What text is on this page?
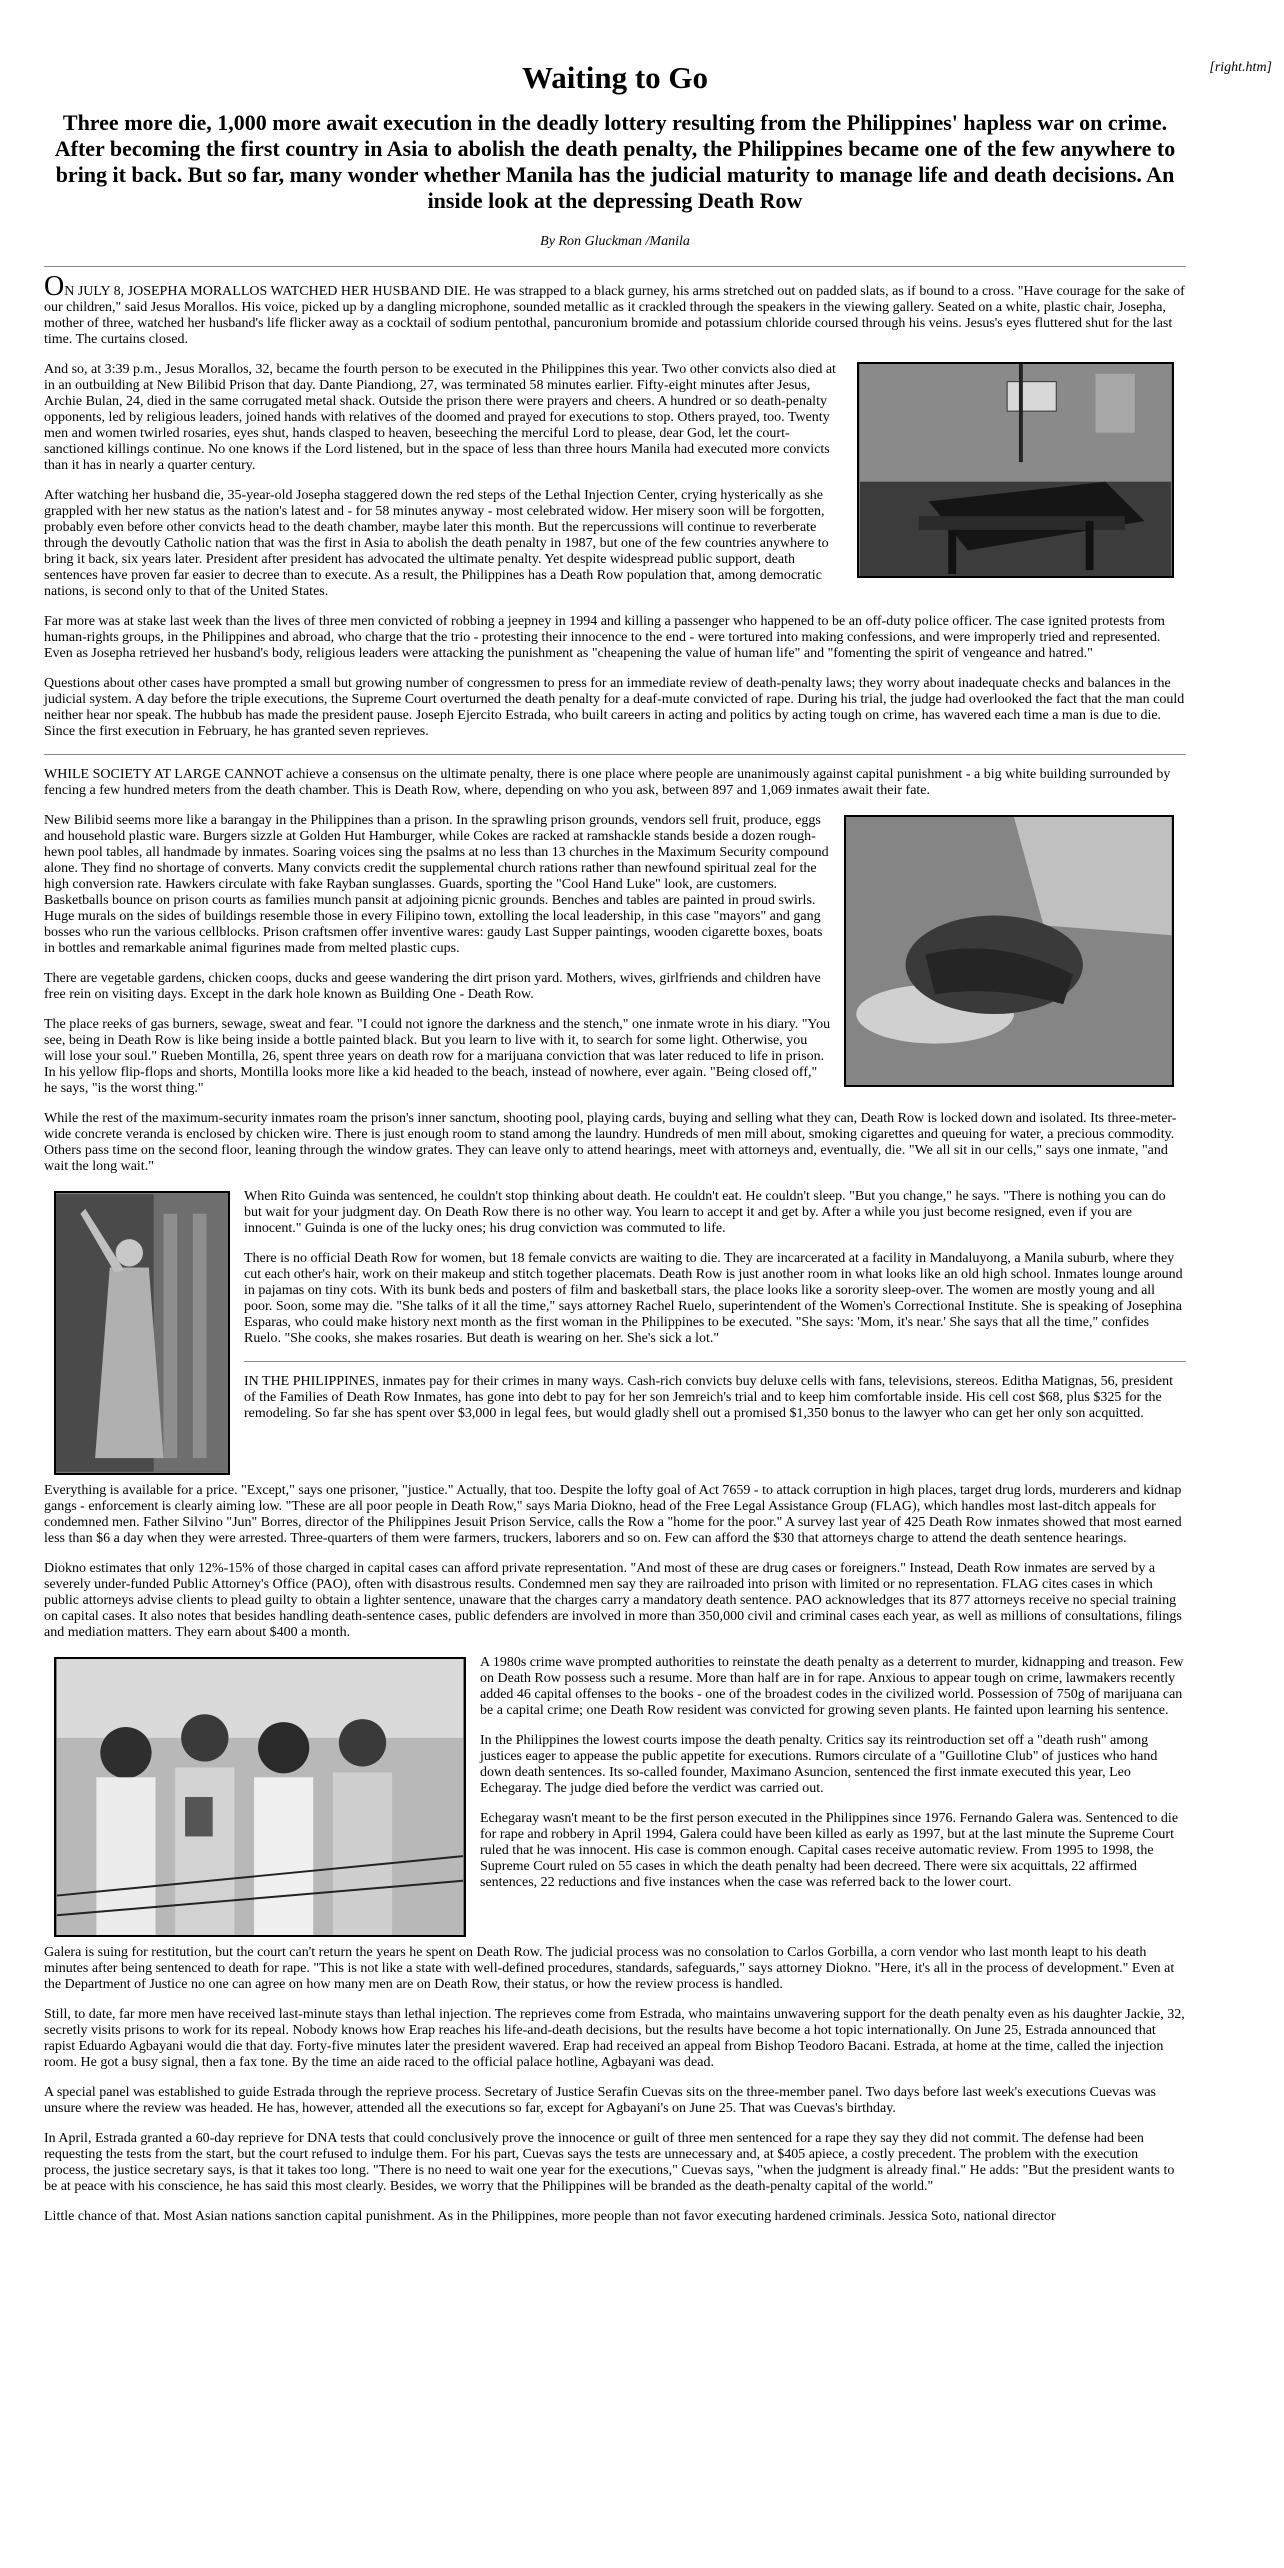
[right.htm]
Waiting to Go
Three more die, 1,000 more await execution in the deadly lottery resulting from the Philippines' hapless war on crime. After becoming the first country in Asia to abolish the death penalty, the Philippines became one of the few anywhere to bring it back. But so far, many wonder whether Manila has the judicial maturity to manage life and death decisions. An inside look at the depressing Death Row
By Ron Gluckman /Manila

ON JULY 8, JOSEPHA MORALLOS WATCHED HER HUSBAND DIE. He was strapped to a black gurney, his arms stretched out on padded slats, as if bound to a cross. "Have courage for the sake of our children," said Jesus Morallos. His voice, picked up by a dangling microphone, sounded metallic as it crackled through the speakers in the viewing gallery. Seated on a white, plastic chair, Josepha, mother of three, watched her husband's life flicker away as a cocktail of sodium pentothal, pancuronium bromide and potassium chloride coursed through his veins. Jesus's eyes fluttered shut for the last time. The curtains closed.

And so, at 3:39 p.m., Jesus Morallos, 32, became the fourth person to be executed in the Philippines this year. Two other convicts also died at in an outbuilding at New Bilibid Prison that day. Dante Piandiong, 27, was terminated 58 minutes earlier. Fifty-eight minutes after Jesus, Archie Bulan, 24, died in the same corrugated metal shack. Outside the prison there were prayers and cheers. A hundred or so death-penalty opponents, led by religious leaders, joined hands with relatives of the doomed and prayed for executions to stop. Others prayed, too. Twenty men and women twirled rosaries, eyes shut, hands clasped to heaven, beseeching the merciful Lord to please, dear God, let the court-sanctioned killings continue. No one knows if the Lord listened, but in the space of less than three hours Manila had executed more convicts than it has in nearly a quarter century.

After watching her husband die, 35-year-old Josepha staggered down the red steps of the Lethal Injection Center, crying hysterically as she grappled with her new status as the nation's latest and - for 58 minutes anyway - most celebrated widow. Her misery soon will be forgotten, probably even before other convicts head to the death chamber, maybe later this month. But the repercussions will continue to reverberate through the devoutly Catholic nation that was the first in Asia to abolish the death penalty in 1987, but one of the few countries anywhere to bring it back, six years later. President after president has advocated the ultimate penalty. Yet despite widespread public support, death sentences have proven far easier to decree than to execute. As a result, the Philippines has a Death Row population that, among democratic nations, is second only to that of the United States.

Far more was at stake last week than the lives of three men convicted of robbing a jeepney in 1994 and killing a passenger who happened to be an off-duty police officer. The case ignited protests from human-rights groups, in the Philippines and abroad, who charge that the trio - protesting their innocence to the end - were tortured into making confessions, and were improperly tried and represented. Even as Josepha retrieved her husband's body, religious leaders were attacking the punishment as "cheapening the value of human life" and "fomenting the spirit of vengeance and hatred."

Questions about other cases have prompted a small but growing number of congressmen to press for an immediate review of death-penalty laws; they worry about inadequate checks and balances in the judicial system. A day before the triple executions, the Supreme Court overturned the death penalty for a deaf-mute convicted of rape. During his trial, the judge had overlooked the fact that the man could neither hear nor speak. The hubbub has made the president pause. Joseph Ejercito Estrada, who built careers in acting and politics by acting tough on crime, has wavered each time a man is due to die. Since the first execution in February, he has granted seven reprieves.

WHILE SOCIETY AT LARGE CANNOT achieve a consensus on the ultimate penalty, there is one place where people are unanimously against capital punishment - a big white building surrounded by fencing a few hundred meters from the death chamber. This is Death Row, where, depending on who you ask, between 897 and 1,069 inmates await their fate.

New Bilibid seems more like a barangay in the Philippines than a prison. In the sprawling prison grounds, vendors sell fruit, produce, eggs and household plastic ware. Burgers sizzle at Golden Hut Hamburger, while Cokes are racked at ramshackle stands beside a dozen rough-hewn pool tables, all handmade by inmates. Soaring voices sing the psalms at no less than 13 churches in the Maximum Security compound alone. They find no shortage of converts. Many convicts credit the supplemental church rations rather than newfound spiritual zeal for the high conversion rate. Hawkers circulate with fake Rayban sunglasses. Guards, sporting the "Cool Hand Luke" look, are customers. Basketballs bounce on prison courts as families munch pansit at adjoining picnic grounds. Benches and tables are painted in proud swirls. Huge murals on the sides of buildings resemble those in every Filipino town, extolling the local leadership, in this case "mayors" and gang bosses who run the various cellblocks. Prison craftsmen offer inventive wares: gaudy Last Supper paintings, wooden cigarette boxes, boats in bottles and remarkable animal figurines made from melted plastic cups.

There are vegetable gardens, chicken coops, ducks and geese wandering the dirt prison yard. Mothers, wives, girlfriends and children have free rein on visiting days. Except in the dark hole known as Building One - Death Row.

The place reeks of gas burners, sewage, sweat and fear. "I could not ignore the darkness and the stench," one inmate wrote in his diary. "You see, being in Death Row is like being inside a bottle painted black. But you learn to live with it, to search for some light. Otherwise, you will lose your soul." Rueben Montilla, 26, spent three years on death row for a marijuana conviction that was later reduced to life in prison. In his yellow flip-flops and shorts, Montilla looks more like a kid headed to the beach, instead of nowhere, ever again. "Being closed off," he says, "is the worst thing."

While the rest of the maximum-security inmates roam the prison's inner sanctum, shooting pool, playing cards, buying and selling what they can, Death Row is locked down and isolated. Its three-meter-wide concrete veranda is enclosed by chicken wire. There is just enough room to stand among the laundry. Hundreds of men mill about, smoking cigarettes and queuing for water, a precious commodity. Others pass time on the second floor, leaning through the window grates. They can leave only to attend hearings, meet with attorneys and, eventually, die. "We all sit in our cells," says one inmate, "and wait the long wait."

When Rito Guinda was sentenced, he couldn't stop thinking about death. He couldn't eat. He couldn't sleep. "But you change," he says. "There is nothing you can do but wait for your judgment day. On Death Row there is no other way. You learn to accept it and get by. After a while you just become resigned, even if you are innocent." Guinda is one of the lucky ones; his drug conviction was commuted to life.

There is no official Death Row for women, but 18 female convicts are waiting to die. They are incarcerated at a facility in Mandaluyong, a Manila suburb, where they cut each other's hair, work on their makeup and stitch together placemats. Death Row is just another room in what looks like an old high school. Inmates lounge around in pajamas on tiny cots. With its bunk beds and posters of film and basketball stars, the place looks like a sorority sleep-over. The women are mostly young and all poor. Soon, some may die. "She talks of it all the time," says attorney Rachel Ruelo, superintendent of the Women's Correctional Institute. She is speaking of Josephina Esparas, who could make history next month as the first woman in the Philippines to be executed. "She says: 'Mom, it's near.' She says that all the time," confides Ruelo. "She cooks, she makes rosaries. But death is wearing on her. She's sick a lot."

IN THE PHILIPPINES, inmates pay for their crimes in many ways. Cash-rich convicts buy deluxe cells with fans, televisions, stereos. Editha Matignas, 56, president of the Families of Death Row Inmates, has gone into debt to pay for her son Jemreich's trial and to keep him comfortable inside. His cell cost $68, plus $325 for the remodeling. So far she has spent over $3,000 in legal fees, but would gladly shell out a promised $1,350 bonus to the lawyer who can get her only son acquitted.

Everything is available for a price. "Except," says one prisoner, "justice." Actually, that too. Despite the lofty goal of Act 7659 - to attack corruption in high places, target drug lords, murderers and kidnap gangs - enforcement is clearly aiming low. "These are all poor people in Death Row," says Maria Diokno, head of the Free Legal Assistance Group (FLAG), which handles most last-ditch appeals for condemned men. Father Silvino "Jun" Borres, director of the Philippines Jesuit Prison Service, calls the Row a "home for the poor." A survey last year of 425 Death Row inmates showed that most earned less than $6 a day when they were arrested. Three-quarters of them were farmers, truckers, laborers and so on. Few can afford the $30 that attorneys charge to attend the death sentence hearings.

Diokno estimates that only 12%-15% of those charged in capital cases can afford private representation. "And most of these are drug cases or foreigners." Instead, Death Row inmates are served by a severely under-funded Public Attorney's Office (PAO), often with disastrous results. Condemned men say they are railroaded into prison with limited or no representation. FLAG cites cases in which public attorneys advise clients to plead guilty to obtain a lighter sentence, unaware that the charges carry a mandatory death sentence. PAO acknowledges that its 877 attorneys receive no special training on capital cases. It also notes that besides handling death-sentence cases, public defenders are involved in more than 350,000 civil and criminal cases each year, as well as millions of consultations, filings and mediation matters. They earn about $400 a month.

A 1980s crime wave prompted authorities to reinstate the death penalty as a deterrent to murder, kidnapping and treason. Few on Death Row possess such a resume. More than half are in for rape. Anxious to appear tough on crime, lawmakers recently added 46 capital offenses to the books - one of the broadest codes in the civilized world. Possession of 750g of marijuana can be a capital crime; one Death Row resident was convicted for growing seven plants. He fainted upon learning his sentence.

In the Philippines the lowest courts impose the death penalty. Critics say its reintroduction set off a "death rush" among justices eager to appease the public appetite for executions. Rumors circulate of a "Guillotine Club" of justices who hand down death sentences. Its so-called founder, Maximano Asuncion, sentenced the first inmate executed this year, Leo Echegaray. The judge died before the verdict was carried out.

Echegaray wasn't meant to be the first person executed in the Philippines since 1976. Fernando Galera was. Sentenced to die for rape and robbery in April 1994, Galera could have been killed as early as 1997, but at the last minute the Supreme Court ruled that he was innocent. His case is common enough. Capital cases receive automatic review. From 1995 to 1998, the Supreme Court ruled on 55 cases in which the death penalty had been decreed. There were six acquittals, 22 affirmed sentences, 22 reductions and five instances when the case was referred back to the lower court.

Galera is suing for restitution, but the court can't return the years he spent on Death Row. The judicial process was no consolation to Carlos Gorbilla, a corn vendor who last month leapt to his death minutes after being sentenced to death for rape. "This is not like a state with well-defined procedures, standards, safeguards," says attorney Diokno. "Here, it's all in the process of development." Even at the Department of Justice no one can agree on how many men are on Death Row, their status, or how the review process is handled.

Still, to date, far more men have received last-minute stays than lethal injection. The reprieves come from Estrada, who maintains unwavering support for the death penalty even as his daughter Jackie, 32, secretly visits prisons to work for its repeal. Nobody knows how Erap reaches his life-and-death decisions, but the results have become a hot topic internationally. On June 25, Estrada announced that rapist Eduardo Agbayani would die that day. Forty-five minutes later the president wavered. Erap had received an appeal from Bishop Teodoro Bacani. Estrada, at home at the time, called the injection room. He got a busy signal, then a fax tone. By the time an aide raced to the official palace hotline, Agbayani was dead.

A special panel was established to guide Estrada through the reprieve process. Secretary of Justice Serafin Cuevas sits on the three-member panel. Two days before last week's executions Cuevas was unsure where the review was headed. He has, however, attended all the executions so far, except for Agbayani's on June 25. That was Cuevas's birthday.

In April, Estrada granted a 60-day reprieve for DNA tests that could conclusively prove the innocence or guilt of three men sentenced for a rape they say they did not commit. The defense had been requesting the tests from the start, but the court refused to indulge them. For his part, Cuevas says the tests are unnecessary and, at $405 apiece, a costly precedent. The problem with the execution process, the justice secretary says, is that it takes too long. "There is no need to wait one year for the executions," Cuevas says, "when the judgment is already final." He adds: "But the president wants to be at peace with his conscience, he has said this most clearly. Besides, we worry that the Philippines will be branded as the death-penalty capital of the world."

Little chance of that. Most Asian nations sanction capital punishment. As in the Philippines, more people than not favor executing hardened criminals. Jessica Soto, national director
